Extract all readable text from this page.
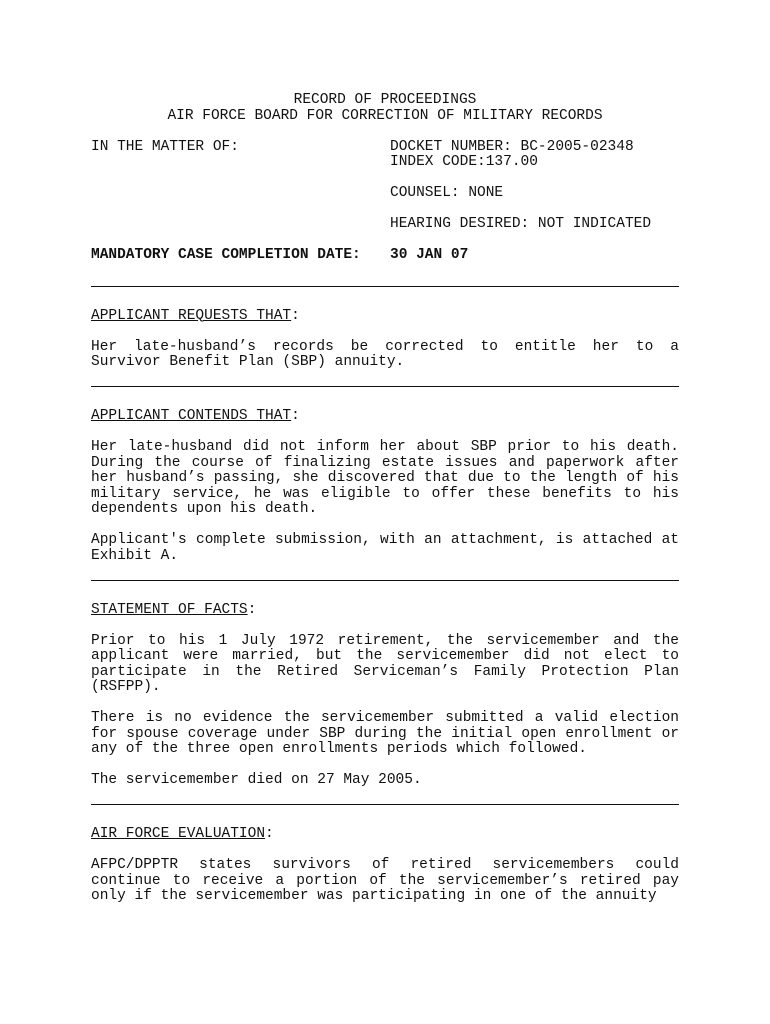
RECORD OF PROCEEDINGS
AIR FORCE BOARD FOR CORRECTION OF MILITARY RECORDS
IN THE MATTER OF:	DOCKET NUMBER: BC-2005-02348
INDEX CODE:137.00
COUNSEL: NONE
HEARING DESIRED: NOT INDICATED
MANDATORY CASE COMPLETION DATE:	30 JAN 07

APPLICANT REQUESTS THAT:

Her late-husband’s records be corrected to entitle her to a Survivor Benefit Plan (SBP) annuity.

APPLICANT CONTENDS THAT:

Her late-husband did not inform her about SBP prior to his death. During the course of finalizing estate issues and paperwork after her husband’s passing, she discovered that due to the length of his military service, he was eligible to offer these benefits to his dependents upon his death.

Applicant's complete submission, with an attachment, is attached at Exhibit A.

STATEMENT OF FACTS:

Prior to his 1 July 1972 retirement, the servicemember and the applicant were married, but the servicemember did not elect to participate in the Retired Serviceman’s Family Protection Plan (RSFPP).

There is no evidence the servicemember submitted a valid election for spouse coverage under SBP during the initial open enrollment or any of the three open enrollments periods which followed.

The servicemember died on 27 May 2005.

AIR FORCE EVALUATION:

AFPC/DPPTR states survivors of retired servicemembers could continue to receive a portion of the servicemember’s retired pay only if the servicemember was participating in one of the annuity
